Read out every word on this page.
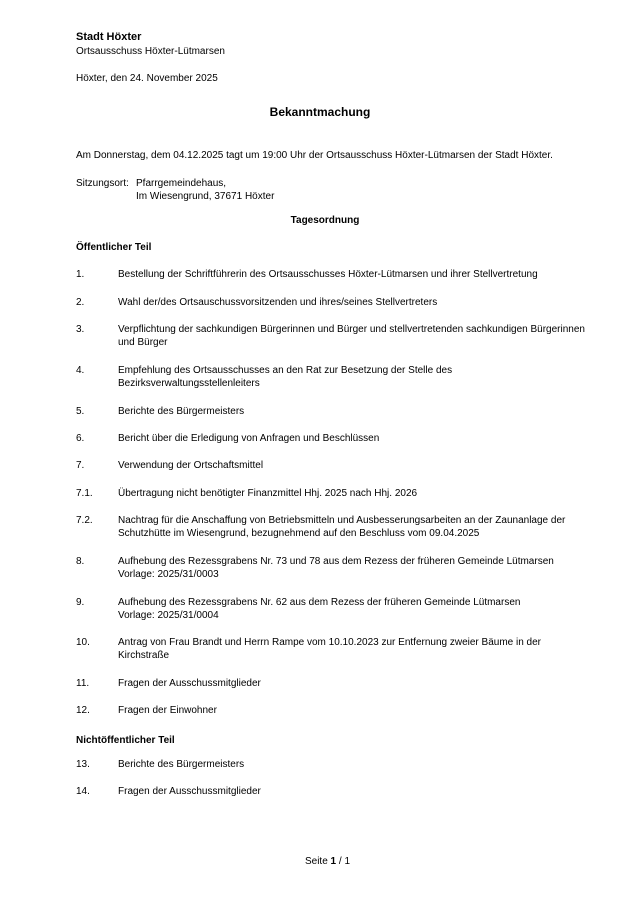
Stadt Höxter
Ortsausschuss Höxter-Lütmarsen
Höxter, den 24. November 2025
Bekanntmachung
Am Donnerstag, dem 04.12.2025 tagt um 19:00 Uhr der Ortsausschuss Höxter-Lütmarsen der Stadt Höxter.
Sitzungsort: Pfarrgemeindehaus,
Im Wiesengrund, 37671 Höxter
Tagesordnung
Öffentlicher Teil
1.	Bestellung der Schriftführerin des Ortsausschusses Höxter-Lütmarsen und ihrer Stellvertretung
2.	Wahl der/des Ortsauschussvorsitzenden und ihres/seines Stellvertreters
3.	Verpflichtung der sachkundigen Bürgerinnen und Bürger und stellvertretenden sachkundigen Bürgerinnen
und Bürger
4.	Empfehlung des Ortsausschusses an den Rat zur Besetzung der Stelle des
Bezirksverwaltungsstellenleiters
5.	Berichte des Bürgermeisters
6.	Bericht über die Erledigung von Anfragen und Beschlüssen
7.	Verwendung der Ortschaftsmittel
7.1.	Übertragung nicht benötigter Finanzmittel Hhj. 2025 nach Hhj. 2026
7.2.	Nachtrag für die Anschaffung von Betriebsmitteln und Ausbesserungsarbeiten an der Zaunanlage der
Schutzhütte im Wiesengrund, bezugnehmend auf den Beschluss vom 09.04.2025
8.	Aufhebung des Rezessgrabens Nr. 73 und 78 aus dem Rezess der früheren Gemeinde Lütmarsen
Vorlage: 2025/31/0003
9.	Aufhebung des Rezessgrabens Nr. 62 aus dem Rezess der früheren Gemeinde Lütmarsen
Vorlage: 2025/31/0004
10.	Antrag von Frau Brandt und Herrn Rampe vom 10.10.2023 zur Entfernung zweier Bäume in der
Kirchstraße
11.	Fragen der Ausschussmitglieder
12.	Fragen der Einwohner
Nichtöffentlicher Teil
13.	Berichte des Bürgermeisters
14.	Fragen der Ausschussmitglieder
Seite 1 / 1
